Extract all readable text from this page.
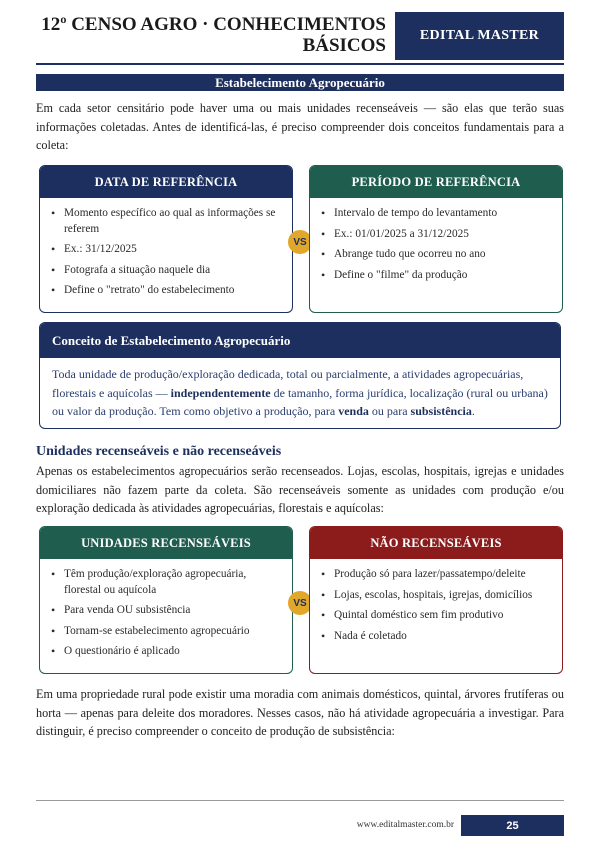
12º CENSO AGRO · CONHECIMENTOS
BÁSICOS	EDITAL MASTER
Estabelecimento Agropecuário
Em cada setor censitário pode haver uma ou mais unidades recenseáveis — são elas que terão suas informações coletadas. Antes de identificá-las, é preciso compreender dois conceitos fundamentais para a coleta:
DATA DE REFERÊNCIA
• Momento específico ao qual as informações se referem
• Ex.: 31/12/2025
• Fotografa a situação naquele dia
• Define o "retrato" do estabelecimento
VS
PERÍODO DE REFERÊNCIA
• Intervalo de tempo do levantamento
• Ex.: 01/01/2025 a 31/12/2025
• Abrange tudo que ocorreu no ano
• Define o "filme" da produção
Conceito de Estabelecimento Agropecuário
Toda unidade de produção/exploração dedicada, total ou parcialmente, a atividades agropecuárias, florestais e aquícolas — independentemente de tamanho, forma jurídica, localização (rural ou urbana) ou valor da produção. Tem como objetivo a produção, para venda ou para subsistência.
Unidades recenseáveis e não recenseáveis
Apenas os estabelecimentos agropecuários serão recenseados. Lojas, escolas, hospitais, igrejas e unidades domiciliares não fazem parte da coleta. São recenseáveis somente as unidades com produção e/ou exploração dedicada às atividades agropecuárias, florestais e aquícolas:
UNIDADES RECENSEÁVEIS
• Têm produção/exploração agropecuária, florestal ou aquícola
• Para venda OU subsistência
• Tornam-se estabelecimento agropecuário
• O questionário é aplicado
VS
NÃO RECENSEÁVEIS
• Produção só para lazer/passatempo/deleite
• Lojas, escolas, hospitais, igrejas, domicílios
• Quintal doméstico sem fim produtivo
• Nada é coletado
Em uma propriedade rural pode existir uma moradia com animais domésticos, quintal, árvores frutíferas ou horta — apenas para deleite dos moradores. Nesses casos, não há atividade agropecuária a investigar. Para distinguir, é preciso compreender o conceito de produção de subsistência:
www.editalmaster.com.br	25
